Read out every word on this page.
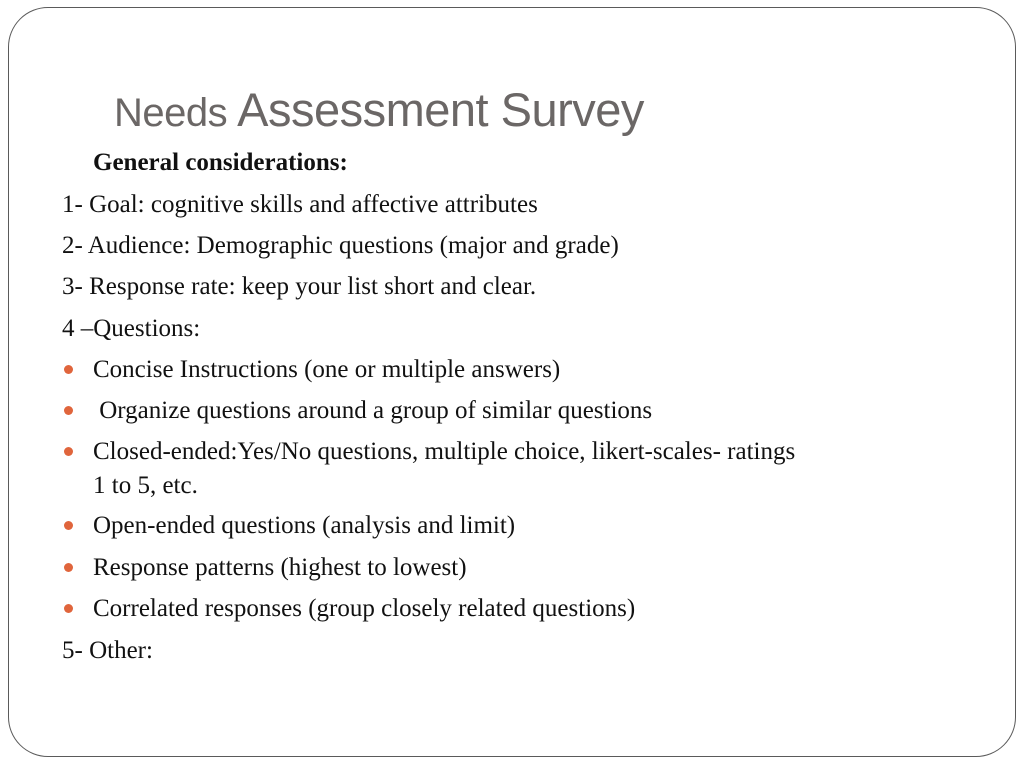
Needs Assessment Survey
General considerations:
1- Goal: cognitive skills and affective attributes
2- Audience: Demographic questions (major and grade)
3- Response rate: keep your list short and clear.
4 –Questions:
Concise Instructions (one or multiple answers)
Organize questions around a group of similar questions
Closed-ended:Yes/No questions, multiple choice, likert-scales- ratings
1 to 5, etc.
Open-ended questions (analysis and limit)
Response patterns (highest to lowest)
Correlated responses (group closely related questions)
5- Other:
